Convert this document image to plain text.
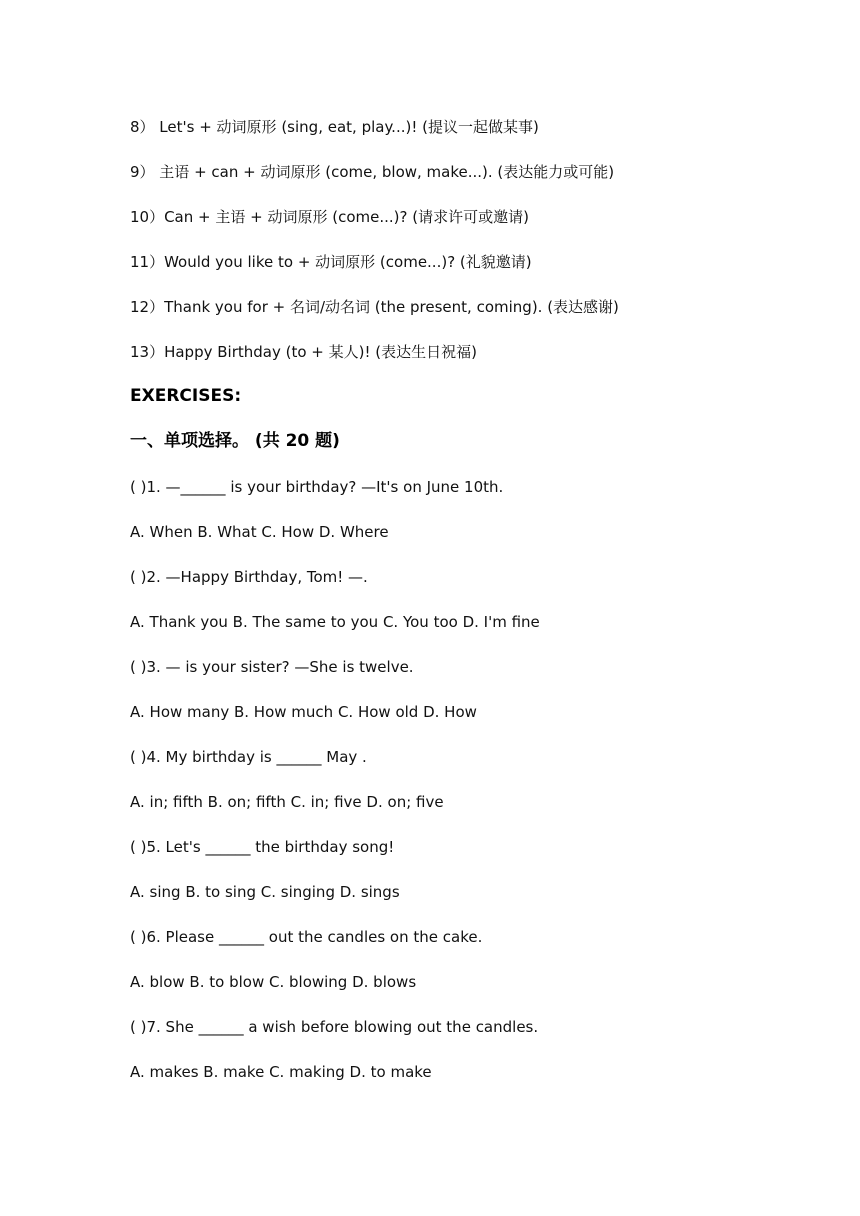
8） Let's + 动词原形 (sing, eat, play...)! (提议一起做某事)
9） 主语 + can + 动词原形 (come, blow, make...). (表达能力或可能)
10）Can + 主语 + 动词原形 (come...)? (请求许可或邀请)
11）Would you like to + 动词原形 (come...)? (礼貌邀请)
12）Thank you for + 名词/动名词 (the present, coming). (表达感谢)
13）Happy Birthday (to + 某人)! (表达生日祝福)
EXERCISES:
一、单项选择。 (共 20 题)
( )1. —______ is your birthday? —It's on June 10th.
A. When B. What C. How D. Where
( )2. —Happy Birthday, Tom! —.
A. Thank you B. The same to you C. You too D. I'm fine
( )3. — is your sister? —She is twelve.
A. How many B. How much C. How old D. How
( )4. My birthday is ______ May .
A. in; fifth B. on; fifth C. in; five D. on; five
( )5. Let's ______ the birthday song!
A. sing B. to sing C. singing D. sings
( )6. Please ______ out the candles on the cake.
A. blow B. to blow C. blowing D. blows
( )7. She ______ a wish before blowing out the candles.
A. makes B. make C. making D. to make
